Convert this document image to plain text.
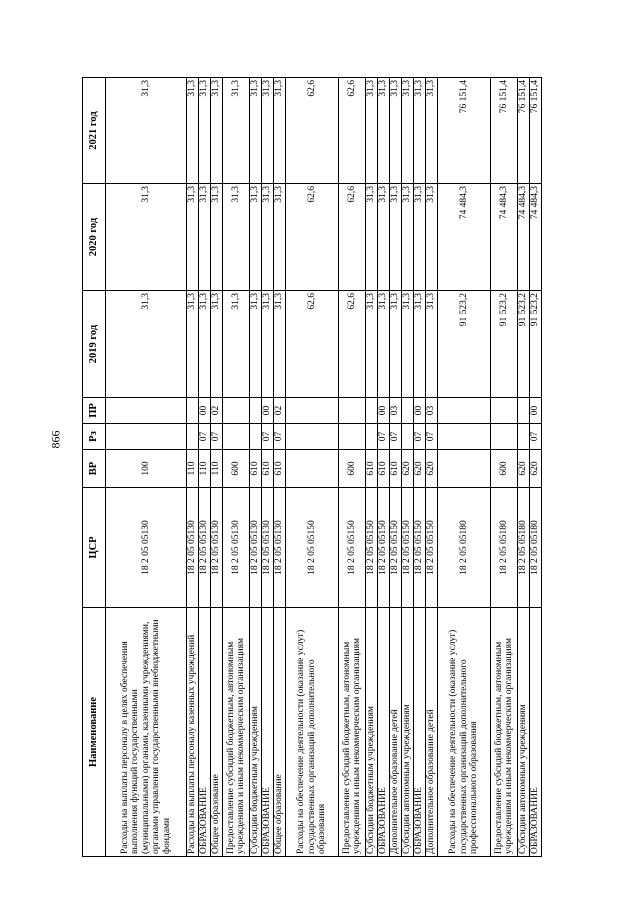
866
Наименование	ЦСР	ВР	Рз	ПР	2019 год	2020 год	2021 год
Расходы на выплаты персоналу в целях обеспечения выполнения функций государственными (муниципальными) органами, казенными учреждениями, органами управления государственными внебюджетными фондами	18 2 05 05130	100			31,3	31,3	31,3
Расходы на выплаты персоналу казенных учреждений	18 2 05 05130	110			31,3	31,3	31,3
ОБРАЗОВАНИЕ	18 2 05 05130	110	07	00	31,3	31,3	31,3
Общее образование	18 2 05 05130	110	07	02	31,3	31,3	31,3
Предоставление субсидий бюджетным, автономным учреждениям и иным некоммерческим организациям	18 2 05 05130	600			31,3	31,3	31,3
Субсидии бюджетным учреждениям	18 2 05 05130	610			31,3	31,3	31,3
ОБРАЗОВАНИЕ	18 2 05 05130	610	07	00	31,3	31,3	31,3
Общее образование	18 2 05 05130	610	07	02	31,3	31,3	31,3
Расходы на обеспечение деятельности (оказание услуг) государственных организаций дополнительного образования	18 2 05 05150				62,6	62,6	62,6
Предоставление субсидий бюджетным, автономным учреждениям и иным некоммерческим организациям	18 2 05 05150	600			62,6	62,6	62,6
Субсидии бюджетным учреждениям	18 2 05 05150	610			31,3	31,3	31,3
ОБРАЗОВАНИЕ	18 2 05 05150	610	07	00	31,3	31,3	31,3
Дополнительное образование детей	18 2 05 05150	610	07	03	31,3	31,3	31,3
Субсидии автономным учреждениям	18 2 05 05150	620			31,3	31,3	31,3
ОБРАЗОВАНИЕ	18 2 05 05150	620	07	00	31,3	31,3	31,3
Дополнительное образование детей	18 2 05 05150	620	07	03	31,3	31,3	31,3
Расходы на обеспечение деятельности (оказание услуг) государственных организаций дополнительного профессионального образования	18 2 05 05180				91 523,2	74 484,3	76 151,4
Предоставление субсидий бюджетным, автономным учреждениям и иным некоммерческим организациям	18 2 05 05180	600			91 523,2	74 484,3	76 151,4
Субсидии автономным учреждениям	18 2 05 05180	620			91 523,2	74 484,3	76 151,4
ОБРАЗОВАНИЕ	18 2 05 05180	620	07	00	91 523,2	74 484,3	76 151,4
